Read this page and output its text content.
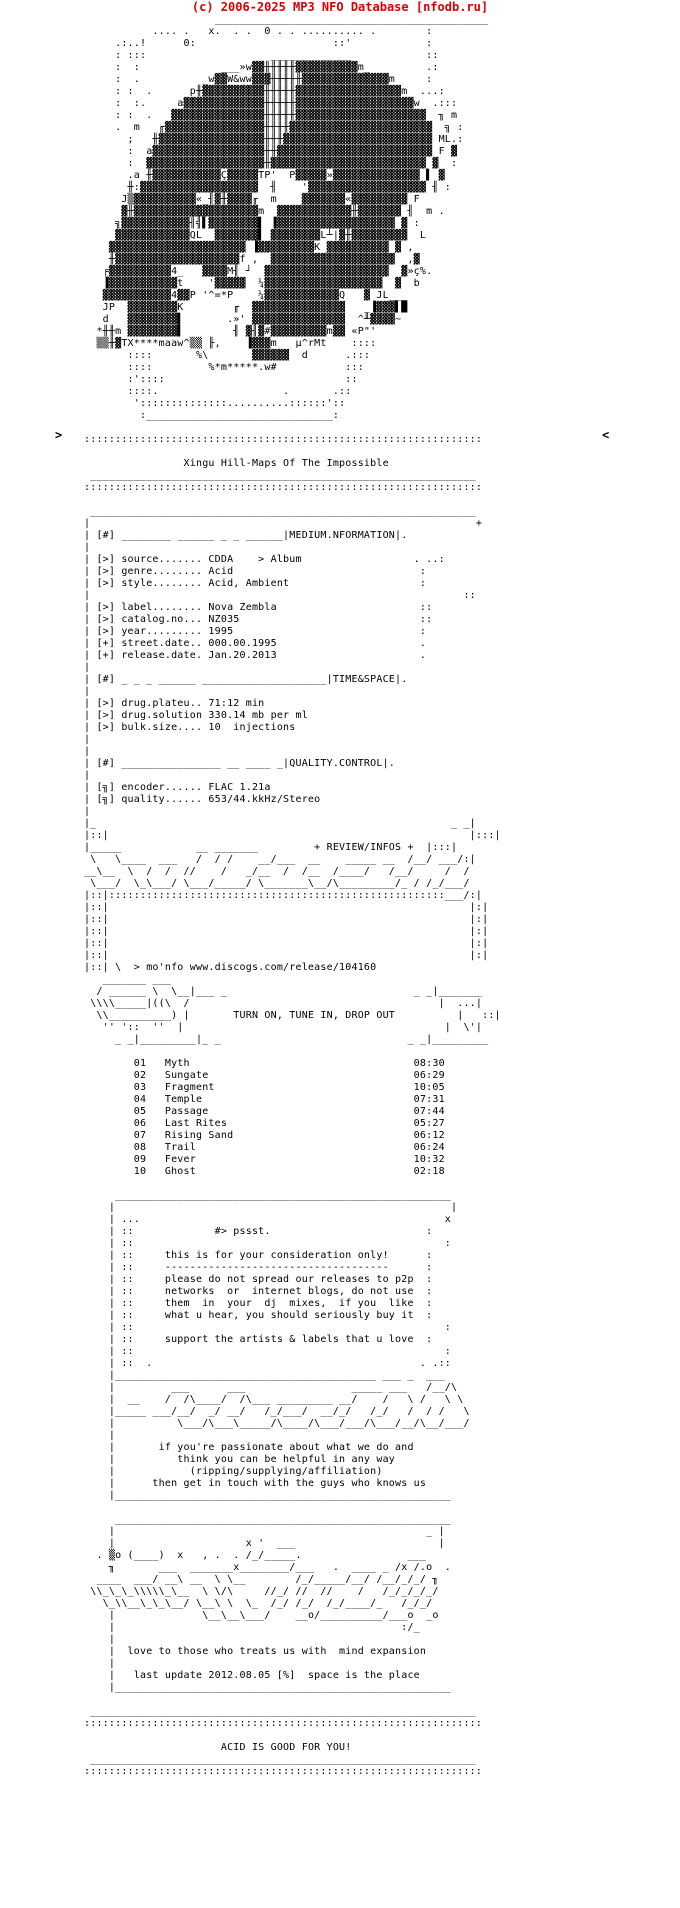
(c) 2006-2025 MP3 NFO Database [nfodb.ru]
>	<
____________________________________________
.... .   x.  . .  0 . . .......... .        :
.:..!      0:                      ::'            :
: :::                    _____________            ::
:  :             ___»w▓▓╫╫╫╫╫▓▓▓▓▓▓▓▓▓▓m_         .:
:  .          _w▓▓W&ww▓▓▓╫╫╫╫╫▓▓▓▓▓▓▓▓▓▓▓▓▓▓m     :
: :  .      p╫▓▓▓▓▓▓▓▓▓▓╫╫╫╫╫▓▓▓▓▓▓▓▓▓▓▓▓▓▓▓▓▓m  ...:
:  :.     a▓▓▓▓▓▓▓▓▓▓▓▓▓╫╫╫╫╫▓▓▓▓▓▓▓▓▓▓▓▓▓▓▓▓▓▓▓w  .:::
: :  .   ▓▓▓▓▓▓▓▓▓▓▓▓▓▓▓╫╫╫╫╫▓▓▓▓▓▓▓▓▓▓▓▓▓▓▓▓▓▓▓▓▓  ╖ m
.  m   ╓▓▓▓▓▓▓▓▓▓▓▓▓▓▓▓▓╫╫╫╫▓▓▓▓▓▓▓▓▓▓▓▓▓▓▓▓▓▓▓▓▓▓▓  ╗ :
;   ╫▓▓▓▓▓▓▓▓▓▓▓▓▓▓▓▓▓╫╫╫▓▓▓▓▓▓▓▓▓▓▓▓▓▓▓▓▓▓▓▓▓▓▓▓ ML.:
:  a▓▓▓▓▓▓▓▓▓▓▓▓▓▓▓▓▓▓╫╫▓▓▓▓▓▓▓▓▓▓▓▓▓▓▓▓▓▓▓▓▓▓▓▓▓ F ▓
:  ▓▓▓▓▓▓▓▓▓▓▓▓▓▓▓▓▓▓▓╫▓▓▓▓▓▓▓▓▓▓▓▓▓▓▓▓▓▓▓▓▓▓▓▓▓ ▓  :
.a ╫▓▓▓▓▓▓▓▓▓▓▓Ç▓▓▓▓▓TP'  P▓▓▓▓▓»▓▓▓▓▓▓▓▓▓▓▓▓▓▓ ▌ ▓
╫:▓▓▓▓▓▓▓▓▓▓▓▓▓▓▓▓▓▓▓  ╢    '▓▓▓▓▓▓▓▓▓▓▓▓▓▓▓▓▓▓▓ ╢ :
J▒▓▓▓▓▓▓▓▓▓▓«_╢▓╫▓▓▓▓╓  m    ▓▓▓▓▓▓▓«▓▓▓▓▓▓▓▓▓ F
▓╫▓▓▓▓▓▓▓▓▓▓▓▓▓▓▓▓▓▓▓▓m  ▓▓▓▓▓▓▓▓▓▓▓▓╫▓▓▓▓▓▓▓ ╢  m .
╗▓▓▓▓▓▓▓▓▓▓▓╢╣▌▓▓▓▓▓▓▓▓▌ ▐▓▓▓▓▓▓▓▓▓▓▓▓▓▓▓▓▓▓▓ ▓ :
▓▓▓▓▓▓▓▓▓▓▓▓QL  ▓▓▓▓▓▓▓▌ ▓▓▓▓▓▓▓▓L┴|▓╫▓▓▓▓▓▓▓▓▓  L
▓▓▓▓▓▓▓▓▓▓▓▓▓▓▓▓▓▓▓▓▓▓ ▐▓▓▓▓▓▓▓▓▓K ▓▓▓▓▓▓▓▓▓▓ ▓ ,
╫▓▓▓▓▓▓▓▓▓▓▓▓▓▓▓▓▓▓▓▓f ,  ▓▓▓▓▓▓▓▓▓▓▓▓▓▓▓▓▓▓▓▓  ,▓
╒▓▓▓▓▓▓▓▓▓▓4_   ▓▓▓▓M╢ ┘  ▓▓▓▓▓▓▓▓▓▓▓▓▓▓▓▓▓▓▓▓  ▓»ç%.
▐▓▓▓▓▓▓▓▓▓▓▓t    '▓▓▓▓▓  ¼▓▓▓▓▓▓▓▓▓▓▓▓▓▓▓▓▓▓▓  ▓  b
▓▓▓▓▓▓▓▓▓▓▓4▓▓P '^=*P    ¼▓▓▓▓▓▓▓▓▓▓▓▓Q   ▓ JL___
JP  ▓▓▓▓▓▓▓▓K        ╓  ▓▓▓▓▓▓▓▓▓▓▓▓▓▓▓   _▐▓▓▓▌█
d   ▓▓▓▓▓▓▓▓▌       .»' ▓▓▓▓▓▓▓▓▓▓▓▓▓▓▓  ^╨▓▓▓▓~
*╫╫m ▓▓▓▓▓▓▓▓▌        ╢ ▓╢▓#▓▓▓▓▓▓▓▓▓m▓▓ «P"'
▒▒╫▓TX****maaw^▒▒ ╟,    ▐▓▓▓m   µ^rMt    ::::
::::       %\       ▓▓▓▓▓▓  d      .:::
::::         %*m*****.w#           :::
:'::::                             ::
::::.                    .       .::
'::::::::::::::..........::::::'::
:______________________________:

::::::::::::::::::::::::::::::::::::::::::::::::::::::::::::::::

Xingu Hill-Maps Of The Impossible
______________________________________________________________
::::::::::::::::::::::::::::::::::::::::::::::::::::::::::::::::

______________________________________________________________
|                                                              +
| [#] ________ ______ _ _ ______|MEDIUM.NFORMATION|.
|
| [>] source....... CDDA    > Album                  . ..:
| [>] genre........ Acid                              :
| [>] style........ Acid, Ambient                     :
|                                                            ::
| [>] label........ Nova Zembla                       ::
| [>] catalog.no... NZ035                             ::
| [>] year......... 1995                              :
| [+] street.date.. 000.00.1995                       .
| [+] release.date. Jan.20.2013                       .
|
| [#] _ _ _ ______ ____________________|TIME&SPACE|.
|
| [>] drug.plateu.. 71:12 min
| [>] drug.solution 330.14 mb per ml
| [>] bulk.size.... 10  injections
|
|
| [#] ________________ __ ____ _|QUALITY.CONTROL|.
|
| [╗] encoder...... FLAC 1.21a
| [╗] quality...... 653/44.kkHz/Stereo
|
|_                                                         _ _|
|::|                                                          |:::|
|_____            __ _______         + REVIEW/INFOS +  |:::|
\   \____  ___   /  / /    __/___  __    _____ __  /__/ ___/:|
__\__  \  /  /  //    /   _/__  /  /__  /____/   /__/     /  /
\___/  \_\___/ \___/_____/ \_______\__/\_________/_ / /_/___/
|::|::::::::::::::::::::::::::::::::::::::::::::::::::::::___/:|
|::|                                                          |:|
|::|                                                          |:|
|::|                                                          |:|
|::|                                                          |:|
|::|                                                          |:|
|::| \  > mo'nfo www.discogs.com/release/104160
_______ ___
/ ______ \  \__|___ _                              _ _|_______
\\\\_____|((\  /                                        |  ...|
\\__________) |       TURN ON, TUNE IN, DROP OUT          |   ::|
'' '::  ''  |                                          |  \'|
_ _|_________|_ _                              _ _|_________

01   Myth                                    08:30
02   Sungate                                 06:29
03   Fragment                                10:05
04   Temple                                  07:31
05   Passage                                 07:44
06   Last Rites                              05:27
07   Rising Sand                             06:12
08   Trail                                   06:24
09   Fever                                   10:32
10   Ghost                                   02:18

______________________________________________________
|                                                      |
| ...                                                 x
| ::             #> pssst.                         :
| ::                                                  :
| ::     this is for your consideration only!      :
| ::     ------------------------------------      :
| ::     please do not spread our releases to p2p  :
| ::     networks  or  internet blogs, do not use  :
| ::     them  in  your  dj  mixes,  if you  like  :
| ::     what u hear, you should seriously buy it  :
| ::                                                  :
| ::     support the artists & labels that u love  :
| ::                                                  :
| ::  .                                           . .::
|__________________________________________ ___ _  ___
|         ___      ___                 _____ ___   /__/\
|  __    /  /\____/  /\___ _________ __/    /   \ /   \ \
|_____ ___/__/  _/ __/   /_/___/  __/_/   /_/   /  / /   \
|          \___/\___\_____/\____/\___/___/\___/__/\__/___/
|
|       if you're passionate about what we do and
|          think you can be helpful in any way
|            (ripping/supplying/affiliation)
|      then get in touch with the guys who knows us
|______________________________________________________

______________________________________________________
|                                                  _ |
|                     x '  ___                       |
. ▒o (____)  x   , .  . /_/_____.                 ___
╖       ___  _______x________/___   .  ____ _ /x /.o  .
____  ___/ __\ __  \ \__        /_/_____/__/ /__/_/_/ ╖
\\_\_\_\\\\\_\__  \ \/\     //_/ //  //    /   /_/_/_/_/
\_\\__\_\_\__/ \__\ \  \_  /_/ /_/  /_/____/_   /_/_/
|              \__\__\___/    __o/__________/___o  _o
|                                              :/_
|
|  love to those who treats us with  mind expansion
|
|   last update 2012.08.05 [%]  space is the place
|______________________________________________________

______________________________________________________________
::::::::::::::::::::::::::::::::::::::::::::::::::::::::::::::::

ACID IS GOOD FOR YOU!
______________________________________________________________
::::::::::::::::::::::::::::::::::::::::::::::::::::::::::::::::
